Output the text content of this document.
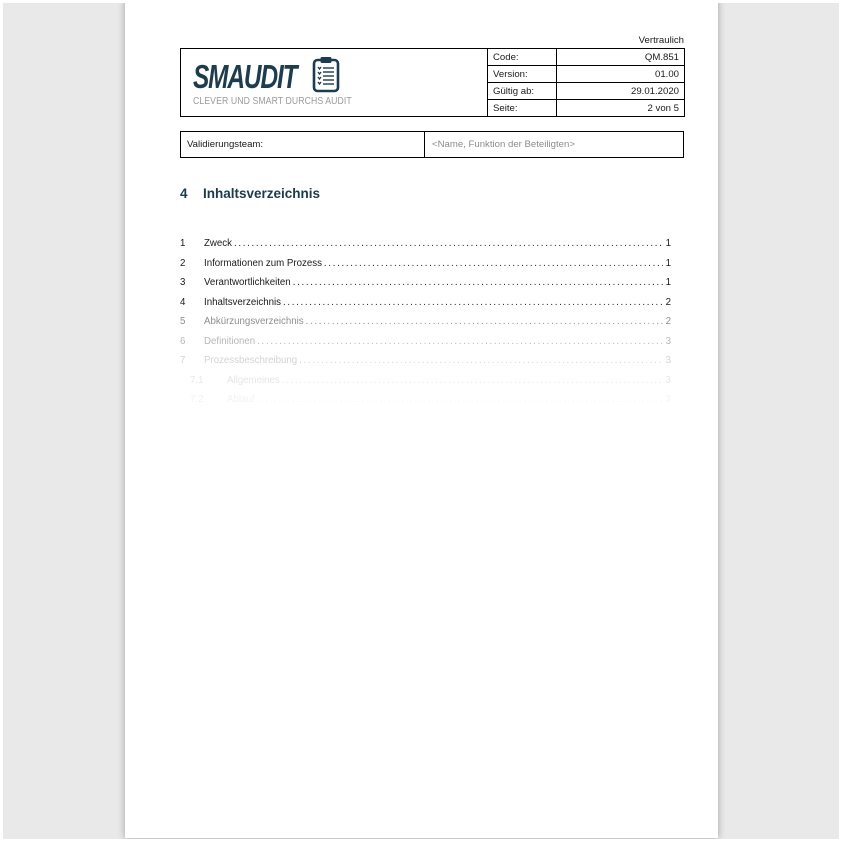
Vertraulich
SMAUDIT
CLEVER UND SMART DURCHS AUDIT	Code:	QM.851
	Version:	01.00
	Gültig ab:	29.01.2020
	Seite:	2 von 5
Validierungsteam:	<Name, Funktion der Beteiligten>
4	Inhaltsverzeichnis
1	Zweck . . .	1
2	Informationen zum Prozess . . .	1
3	Verantwortlichkeiten . . .	1
4	Inhaltsverzeichnis . . .	2
5	Abkürzungsverzeichnis . . .	2
6	Definitionen . . .	3
7	Prozessbeschreibung . . .	3
7.1	Allgemeines . . .	3
7.2	Ablauf . . .	3
